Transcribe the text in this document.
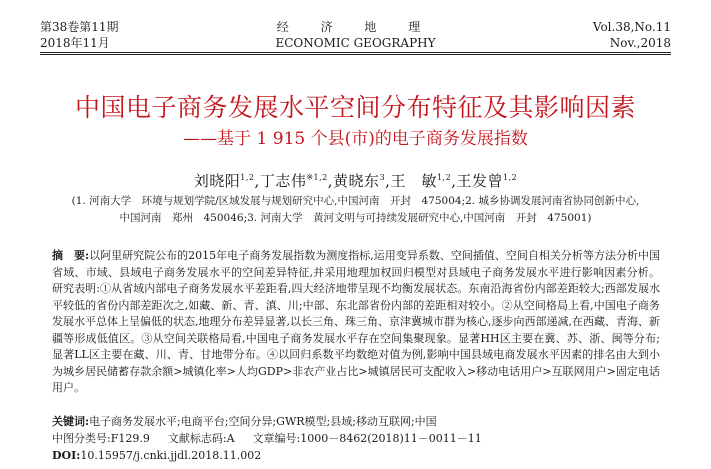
第38卷第11期
2018年11月
经 济 地 理
ECONOMIC GEOGRAPHY
Vol.38,No.11
Nov.,2018
中国电子商务发展水平空间分布特征及其影响因素
——基于 1 915 个县(市)的电子商务发展指数
刘晓阳$^{1,2}$,丁志伟$^{※1,2}$,黄晓东$^3$,王　敏$^{1,2}$,王发曾$^{1,2}$
(1. 河南大学　环境与规划学院/区域发展与规划研究中心,中国河南　开封　475004;2. 城乡协调发展河南省协同创新中心,
中国河南　郑州　450046;3. 河南大学　黄河文明与可持续发展研究中心,中国河南　开封　475001)
摘　要:以阿里研究院公布的2015年电子商务发展指数为测度指标,运用变异系数、空间插值、空间自相关分析等方法分析中国省域、市域、县域电子商务发展水平的空间差异特征,并采用地理加权回归模型对县域电子商务发展水平进行影响因素分析。研究表明:①从省域内部电子商务发展水平差距看,四大经济地带呈现不均衡发展状态。东南沿海省份内部差距较大;西部发展水平较低的省份内部差距次之,如藏、新、青、滇、川;中部、东北部省份内部的差距相对较小。②从空间格局上看,中国电子商务发展水平总体上呈偏低的状态,地理分布差异显著,以长三角、珠三角、京津冀城市群为核心,逐步向西部递减,在西藏、青海、新疆等形成低值区。③从空间关联格局看,中国电子商务发展水平存在空间集聚现象。显著HH区主要在冀、苏、浙、闽等分布;显著LL区主要在藏、川、青、甘地带分布。④以回归系数平均数绝对值为例,影响中国县域电商发展水平因素的排名由大到小为城乡居民储蓄存款余额>城镇化率>人均GDP>非农产业占比>城镇居民可支配收入>移动电话用户>互联网用户>固定电话用户。
关键词:电子商务发展水平;电商平台;空间分异;GWR模型;县域;移动互联网;中国
中图分类号:F129.9 文献标志码:A 文章编号:1000－8462(2018)11－0011－11
DOI:10.15957/j.cnki.jjdl.2018.11.002
